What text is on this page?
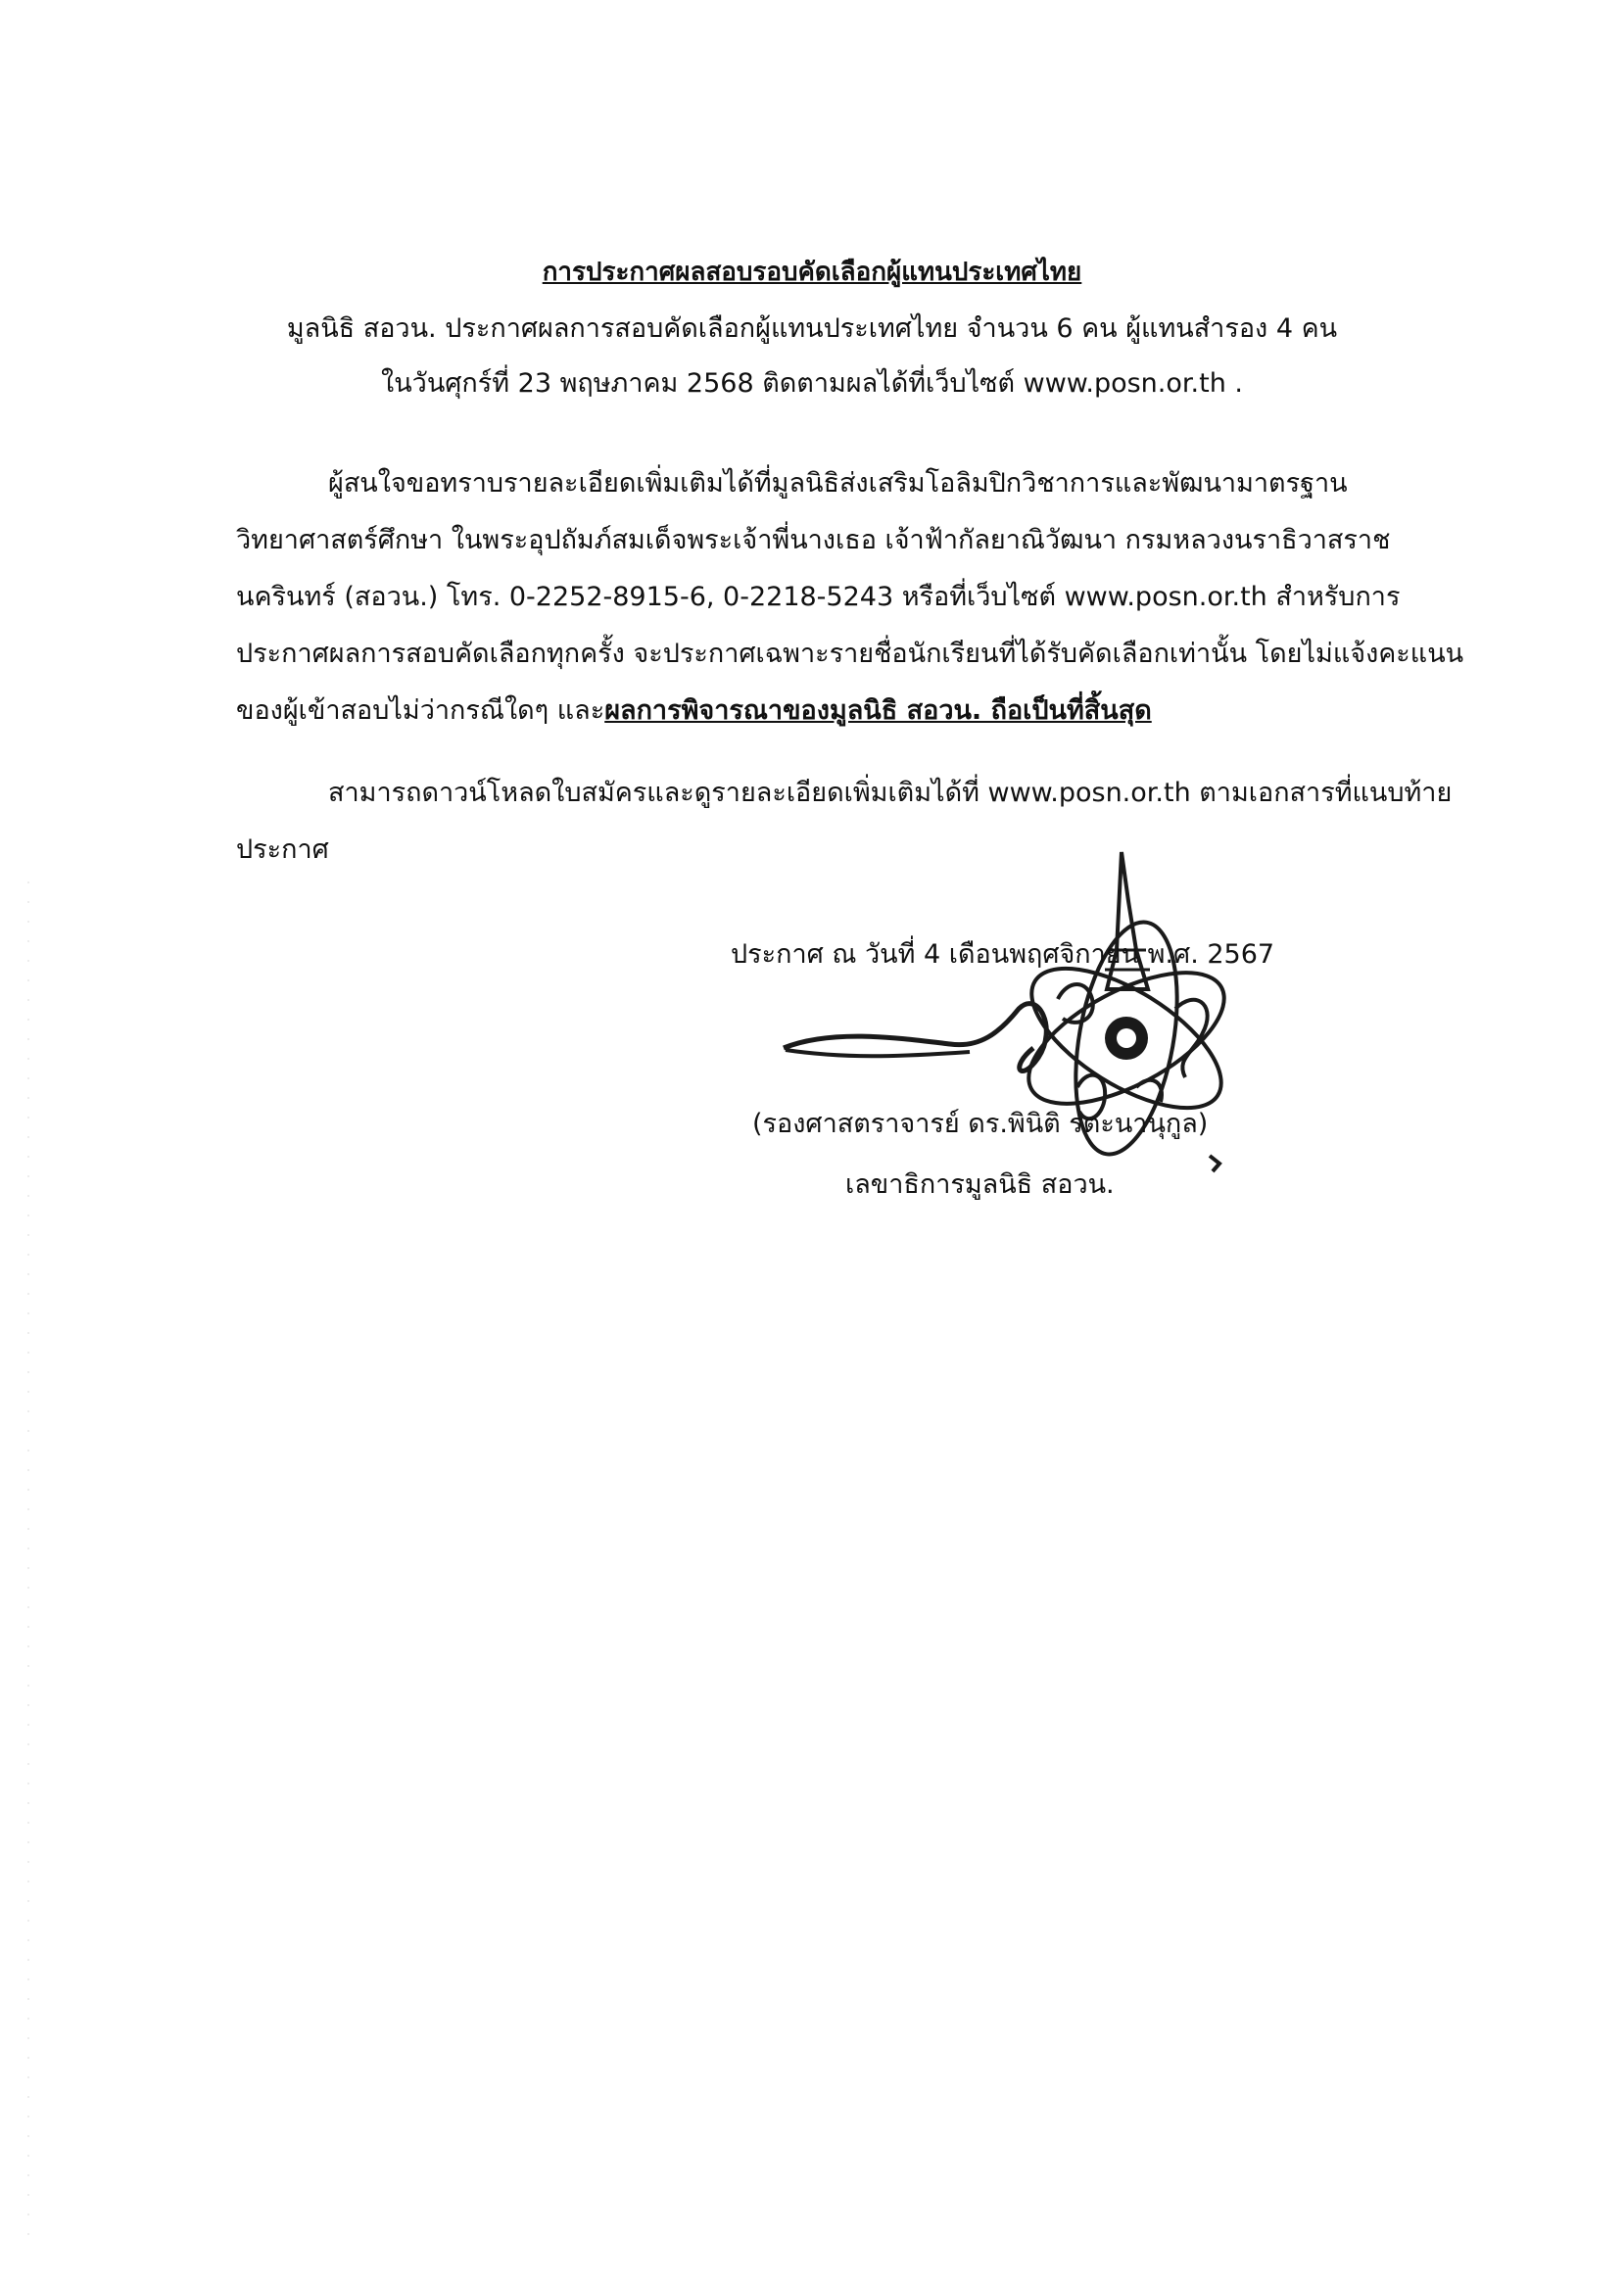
การประกาศผลสอบรอบคัดเลือกผู้แทนประเทศไทย
มูลนิธิ สอวน. ประกาศผลการสอบคัดเลือกผู้แทนประเทศไทย จำนวน 6 คน ผู้แทนสำรอง 4 คน
ในวันศุกร์ที่ 23 พฤษภาคม 2568 ติดตามผลได้ที่เว็บไซต์ www.posn.or.th .
ผู้สนใจขอทราบรายละเอียดเพิ่มเติมได้ที่มูลนิธิส่งเสริมโอลิมปิกวิชาการและพัฒนามาตรฐาน
วิทยาศาสตร์ศึกษา ในพระอุปถัมภ์สมเด็จพระเจ้าพี่นางเธอ เจ้าฟ้ากัลยาณิวัฒนา กรมหลวงนราธิวาสราช
นครินทร์ (สอวน.) โทร. 0-2252-8915-6, 0-2218-5243 หรือที่เว็บไซต์ www.posn.or.th สำหรับการ
ประกาศผลการสอบคัดเลือกทุกครั้ง จะประกาศเฉพาะรายชื่อนักเรียนที่ได้รับคัดเลือกเท่านั้น โดยไม่แจ้งคะแนน
ของผู้เข้าสอบไม่ว่ากรณีใดๆ และผลการพิจารณาของมูลนิธิ สอวน. ถือเป็นที่สิ้นสุด
สามารถดาวน์โหลดใบสมัครและดูรายละเอียดเพิ่มเติมได้ที่ www.posn.or.th ตามเอกสารที่แนบท้าย
ประกาศ
ประกาศ ณ วันที่ 4 เดือนพฤศจิกายน พ.ศ. 2567
(รองศาสตราจารย์ ดร.พินิติ รตะนานุกูล)
เลขาธิการมูลนิธิ สอวน.
